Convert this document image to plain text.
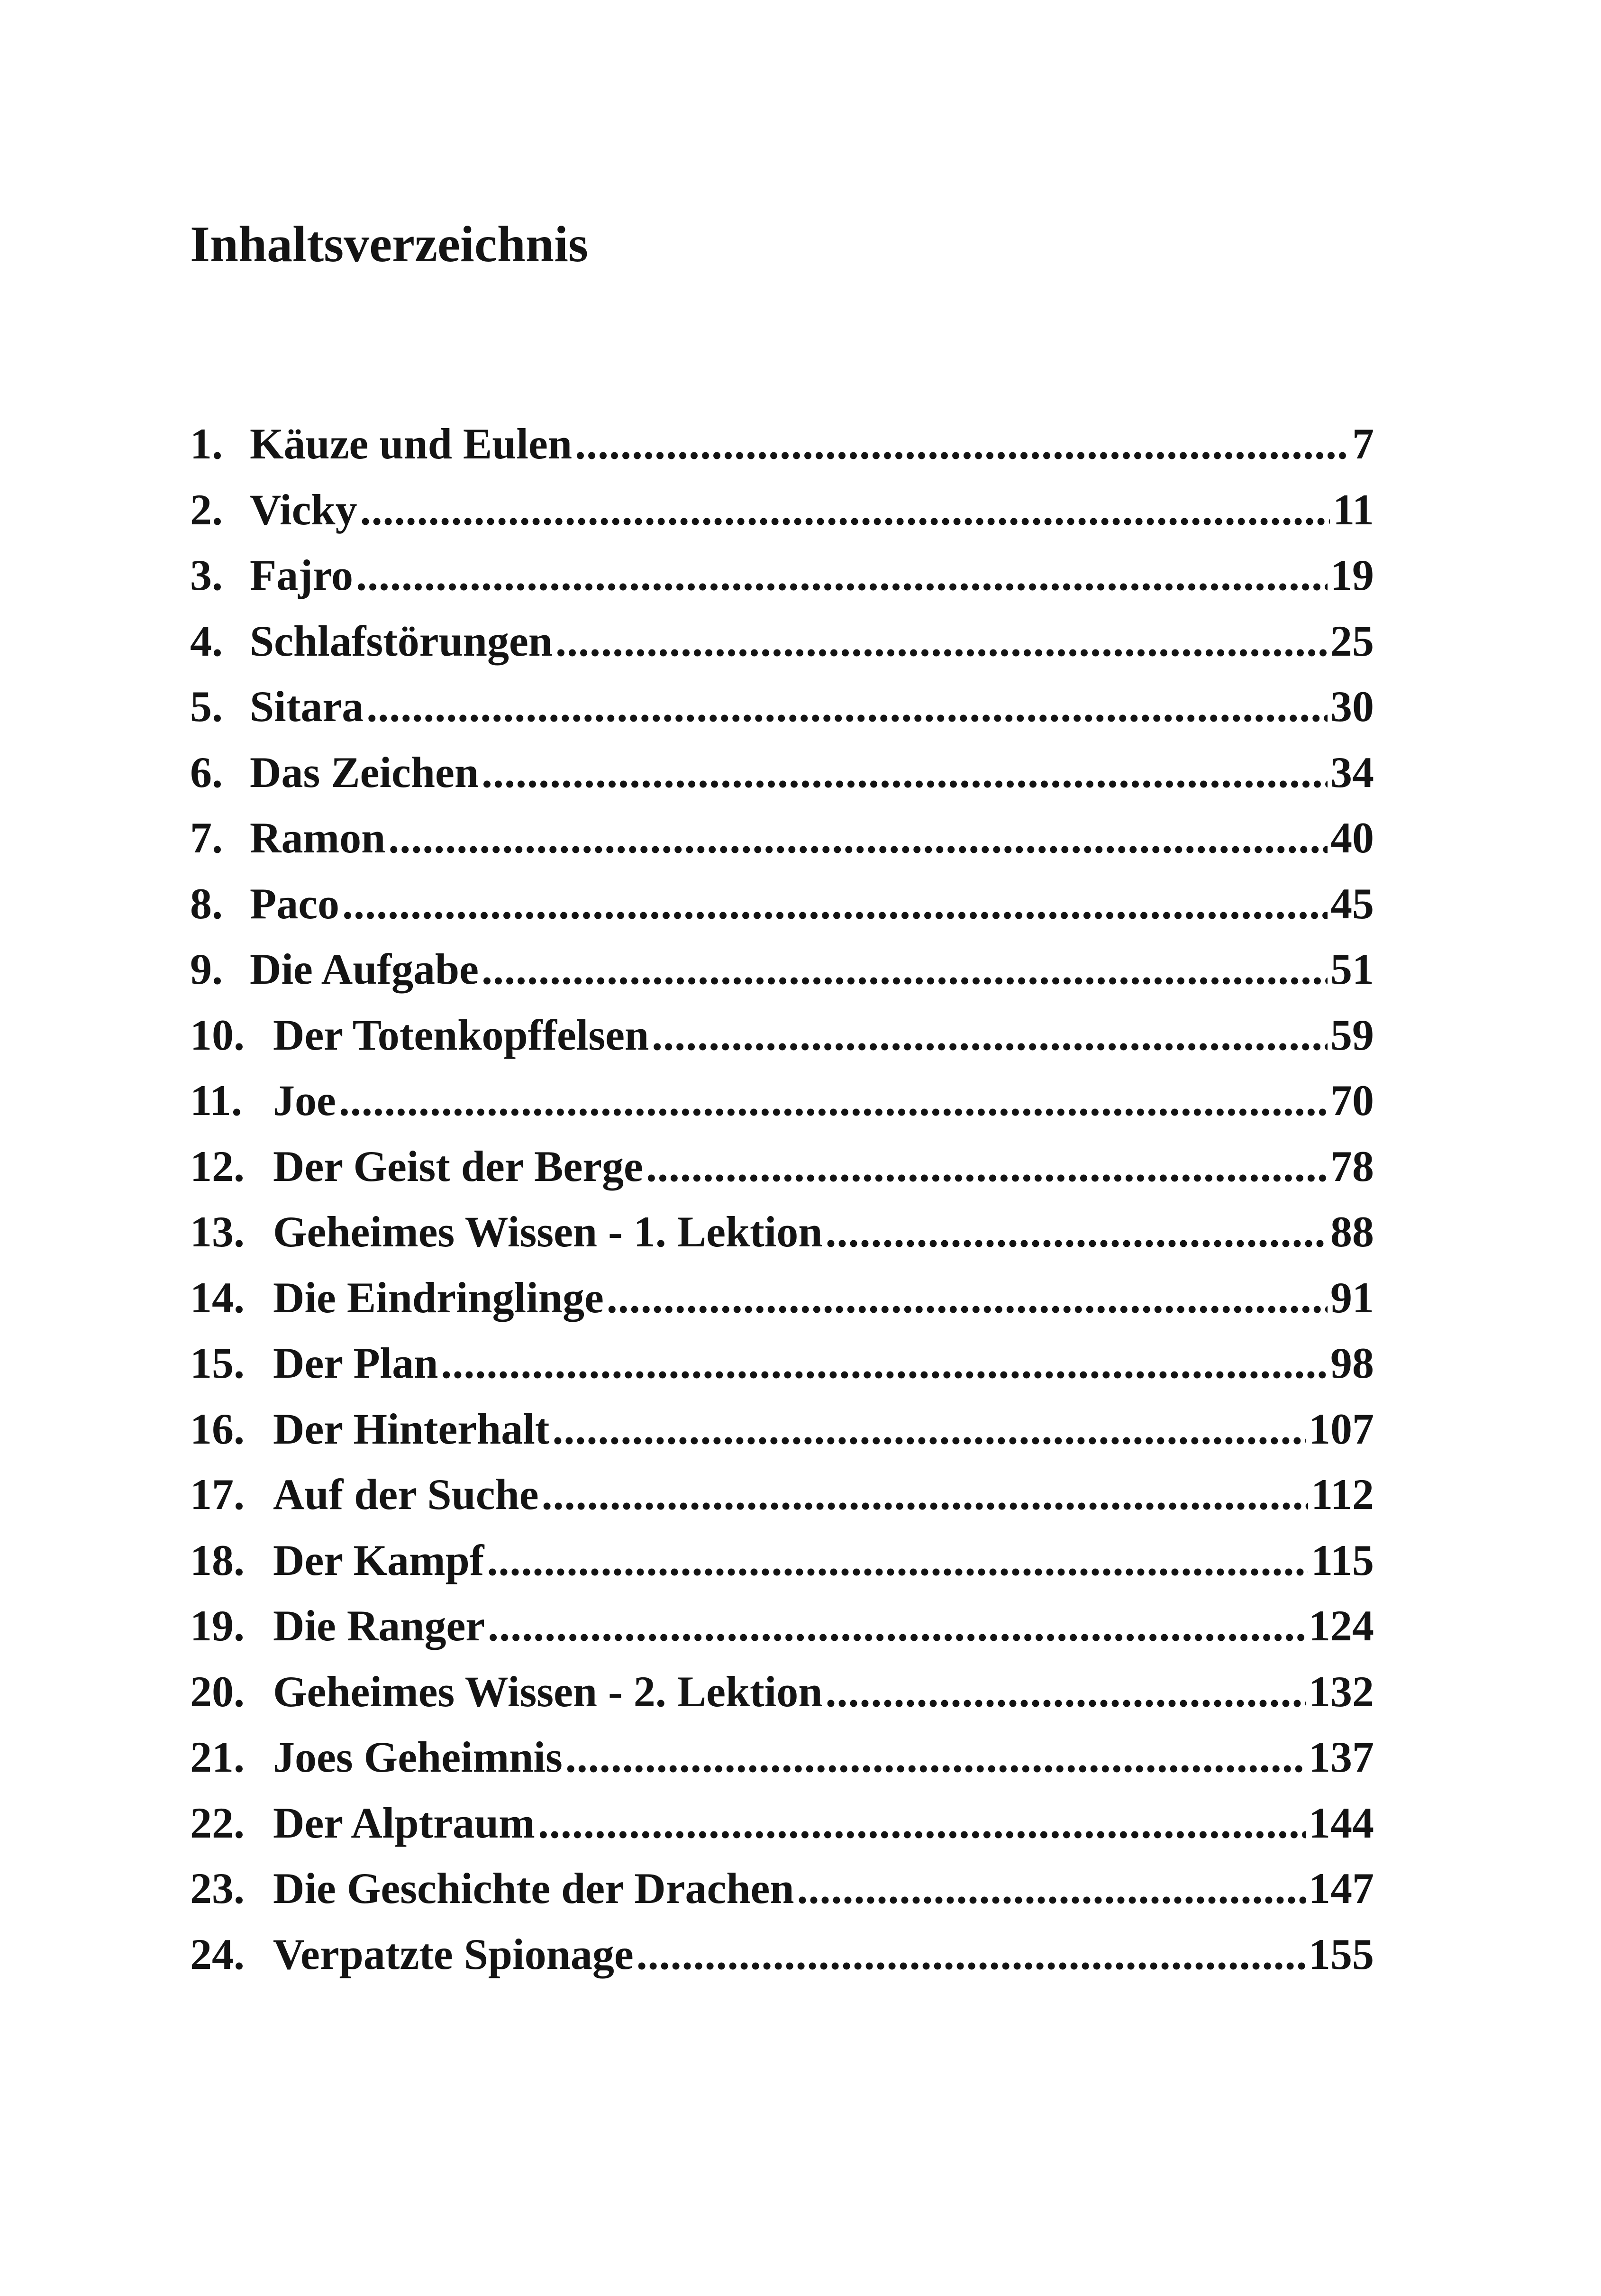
Inhaltsverzeichnis
1. Käuze und Eulen .....	7
2. Vicky .....	11
3. Fajro .....	19
4. Schlafstörungen .....	25
5. Sitara .....	30
6. Das Zeichen .....	34
7. Ramon .....	40
8. Paco .....	45
9. Die Aufgabe .....	51
10. Der Totenkopffelsen .....	59
11. Joe .....	70
12. Der Geist der Berge .....	78
13. Geheimes Wissen - 1. Lektion .....	88
14. Die Eindringlinge .....	91
15. Der Plan .....	98
16. Der Hinterhalt .....	107
17. Auf der Suche .....	112
18. Der Kampf .....	115
19. Die Ranger .....	124
20. Geheimes Wissen - 2. Lektion .....	132
21. Joes Geheimnis .....	137
22. Der Alptraum .....	144
23. Die Geschichte der Drachen .....	147
24. Verpatzte Spionage .....	155
